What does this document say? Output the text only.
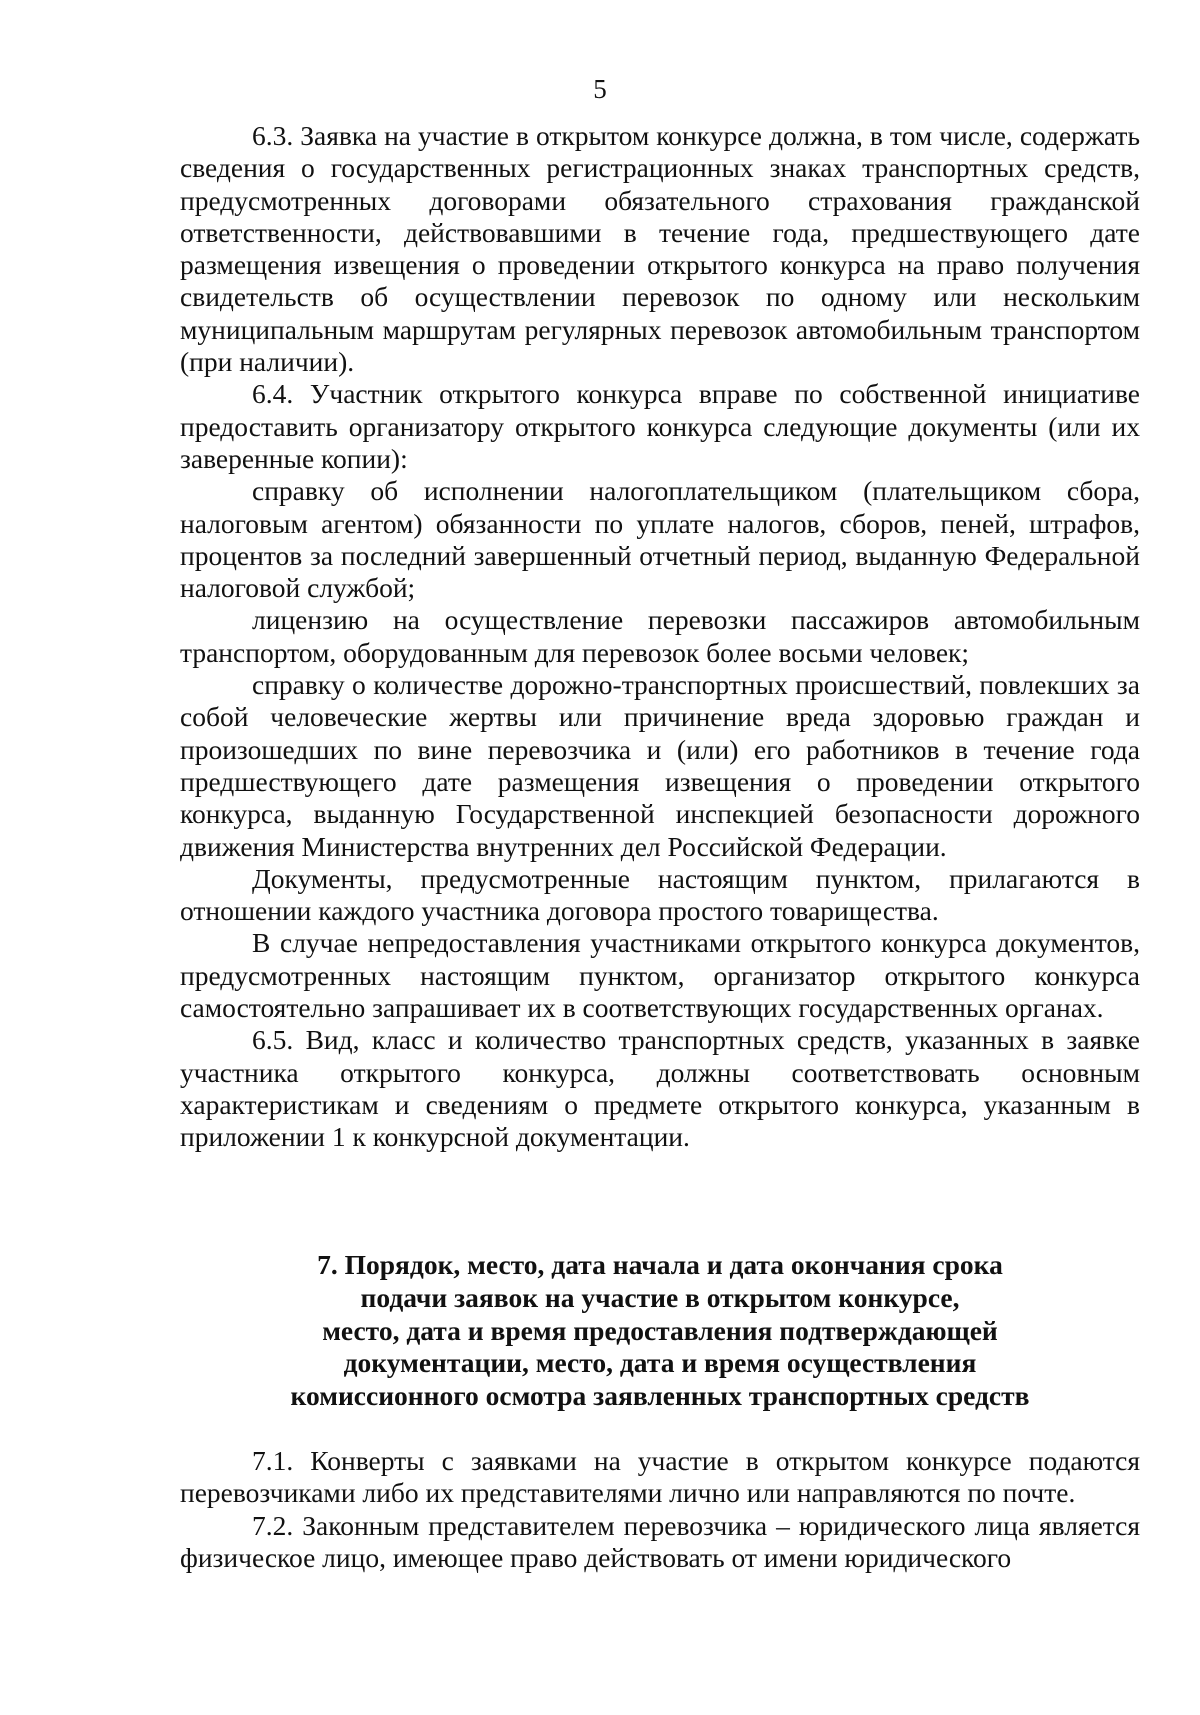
5

6.3. Заявка на участие в открытом конкурсе должна, в том числе, содержать сведения о государственных регистрационных знаках транспортных средств, предусмотренных договорами обязательного страхования гражданской ответственности, действовавшими в течение года, предшествующего дате размещения извещения о проведении открытого конкурса на право получения свидетельств об осуществлении перевозок по одному или нескольким муниципальным маршрутам регулярных перевозок автомобильным транспортом (при наличии).

6.4. Участник открытого конкурса вправе по собственной инициативе предоставить организатору открытого конкурса следующие документы (или их заверенные копии):

справку об исполнении налогоплательщиком (плательщиком сбора, налоговым агентом) обязанности по уплате налогов, сборов, пеней, штрафов, процентов за последний завершенный отчетный период, выданную Федеральной налоговой службой;

лицензию на осуществление перевозки пассажиров автомобильным транспортом, оборудованным для перевозок более восьми человек;

справку о количестве дорожно-транспортных происшествий, повлекших за собой человеческие жертвы или причинение вреда здоровью граждан и произошедших по вине перевозчика и (или) его работников в течение года предшествующего дате размещения извещения о проведении открытого конкурса, выданную Государственной инспекцией безопасности дорожного движения Министерства внутренних дел Российской Федерации.

Документы, предусмотренные настоящим пунктом, прилагаются в отношении каждого участника договора простого товарищества.

В случае непредоставления участниками открытого конкурса документов, предусмотренных настоящим пунктом, организатор открытого конкурса самостоятельно запрашивает их в соответствующих государственных органах.

6.5. Вид, класс и количество транспортных средств, указанных в заявке участника открытого конкурса, должны соответствовать основным характеристикам и сведениям о предмете открытого конкурса, указанным в приложении 1 к конкурсной документации.

7. Порядок, место, дата начала и дата окончания срока
подачи заявок на участие в открытом конкурсе,
место, дата и время предоставления подтверждающей
документации, место, дата и время осуществления
комиссионного осмотра заявленных транспортных средств

7.1. Конверты с заявками на участие в открытом конкурсе подаются перевозчиками либо их представителями лично или направляются по почте.

7.2. Законным представителем перевозчика – юридического лица является физическое лицо, имеющее право действовать от имени юридического
